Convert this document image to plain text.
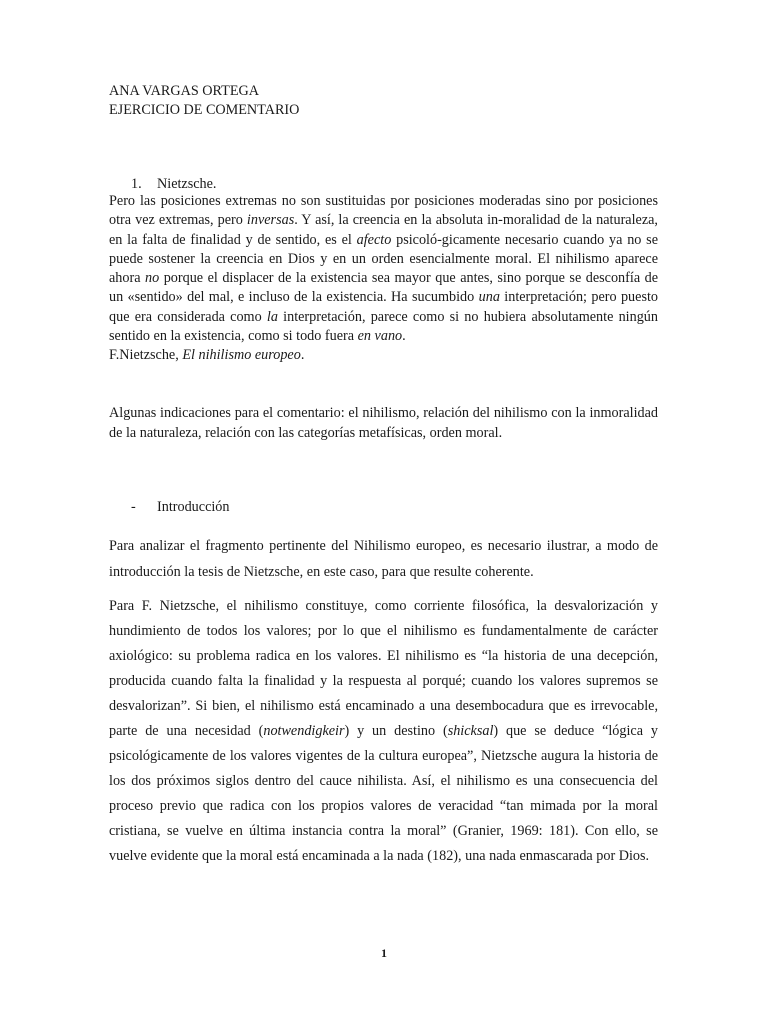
ANA VARGAS ORTEGA
EJERCICIO DE COMENTARIO
1. Nietzsche.

Pero las posiciones extremas no son sustituidas por posiciones moderadas sino por posiciones otra vez extremas, pero inversas. Y así, la creencia en la absoluta in-moralidad de la naturaleza, en la falta de finalidad y de sentido, es el afecto psicoló-gicamente necesario cuando ya no se puede sostener la creencia en Dios y en un orden esencialmente moral. El nihilismo aparece ahora no porque el displacer de la existencia sea mayor que antes, sino porque se desconfía de un «sentido» del mal, e incluso de la existencia. Ha sucumbido una interpretación; pero puesto que era considerada como la interpretación, parece como si no hubiera absolutamente ningún sentido en la existencia, como si todo fuera en vano.

F.Nietzsche, El nihilismo europeo.

Algunas indicaciones para el comentario: el nihilismo, relación del nihilismo con la inmoralidad de la naturaleza, relación con las categorías metafísicas, orden moral.

- Introducción

Para analizar el fragmento pertinente del Nihilismo europeo, es necesario ilustrar, a modo de introducción la tesis de Nietzsche, en este caso, para que resulte coherente.

Para F. Nietzsche, el nihilismo constituye, como corriente filosófica, la desvalorización y hundimiento de todos los valores; por lo que el nihilismo es fundamentalmente de carácter axiológico: su problema radica en los valores. El nihilismo es “la historia de una decepción, producida cuando falta la finalidad y la respuesta al porqué; cuando los valores supremos se desvalorizan”. Si bien, el nihilismo está encaminado a una desembocadura que es irrevocable, parte de una necesidad (notwendigkeir) y un destino (shicksal) que se deduce “lógica y psicológicamente de los valores vigentes de la cultura europea”, Nietzsche augura la historia de los dos próximos siglos dentro del cauce nihilista. Así, el nihilismo es una consecuencia del proceso previo que radica con los propios valores de veracidad “tan mimada por la moral cristiana, se vuelve en última instancia contra la moral” (Granier, 1969: 181). Con ello, se vuelve evidente que la moral está encaminada a la nada (182), una nada enmascarada por Dios.

1
